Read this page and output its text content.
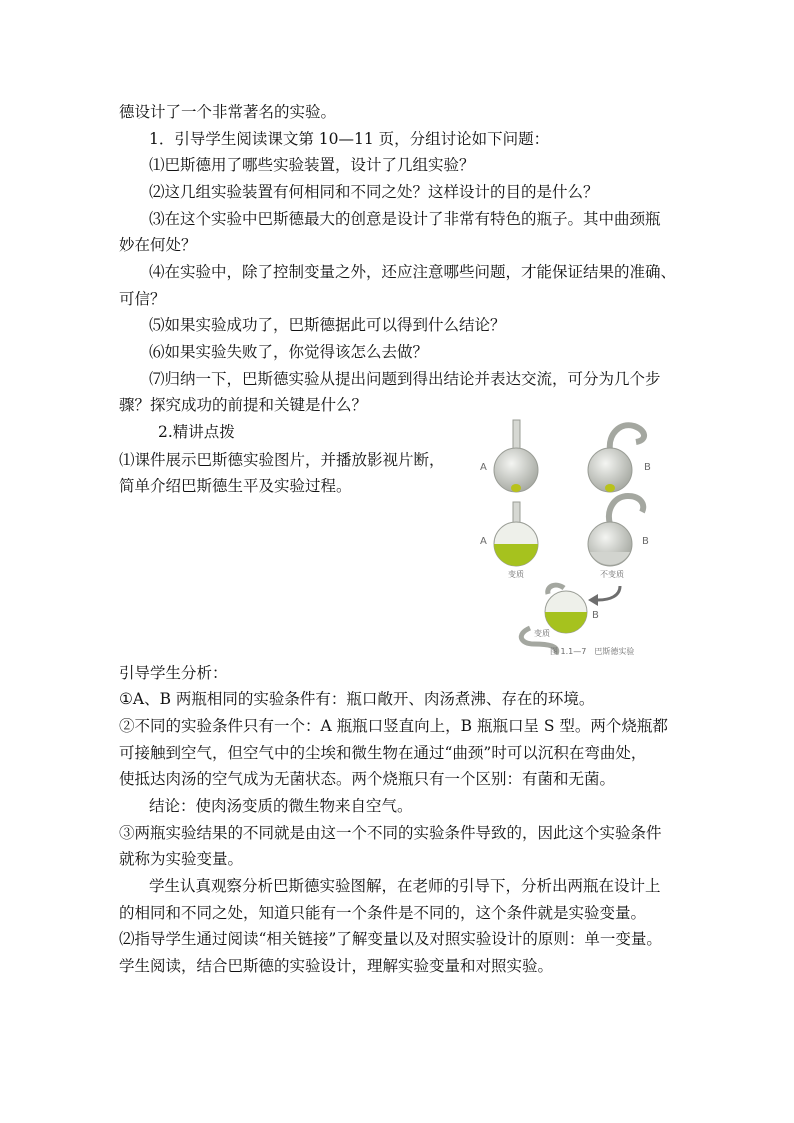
德设计了一个非常著名的实验。
1．引导学生阅读课文第 10—11 页，分组讨论如下问题：
⑴巴斯德用了哪些实验装置，设计了几组实验？
⑵这几组实验装置有何相同和不同之处？这样设计的目的是什么？
⑶在这个实验中巴斯德最大的创意是设计了非常有特色的瓶子。其中曲颈瓶
妙在何处？
⑷在实验中，除了控制变量之外，还应注意哪些问题，才能保证结果的准确、
可信？
⑸如果实验成功了，巴斯德据此可以得到什么结论？
⑹如果实验失败了，你觉得该怎么去做？
⑺归纳一下，巴斯德实验从提出问题到得出结论并表达交流，可分为几个步
骤？探究成功的前提和关键是什么？
2.精讲点拨
⑴课件展示巴斯德实验图片，并播放影视片断，
简单介绍巴斯德生平及实验过程。
A	B
A
变质
B
不变质
B
变质
图 1.1—7　巴斯德实验
引导学生分析：
①A、B 两瓶相同的实验条件有：瓶口敞开、肉汤煮沸、存在的环境。
②不同的实验条件只有一个：A 瓶瓶口竖直向上，B 瓶瓶口呈 S 型。两个烧瓶都
可接触到空气，但空气中的尘埃和微生物在通过“曲颈”时可以沉积在弯曲处，
使抵达肉汤的空气成为无菌状态。两个烧瓶只有一个区别：有菌和无菌。
结论：使肉汤变质的微生物来自空气。
③两瓶实验结果的不同就是由这一个不同的实验条件导致的，因此这个实验条件
就称为实验变量。
学生认真观察分析巴斯德实验图解，在老师的引导下，分析出两瓶在设计上
的相同和不同之处，知道只能有一个条件是不同的，这个条件就是实验变量。
⑵指导学生通过阅读“相关链接”了解变量以及对照实验设计的原则：单一变量。
学生阅读，结合巴斯德的实验设计，理解实验变量和对照实验。
